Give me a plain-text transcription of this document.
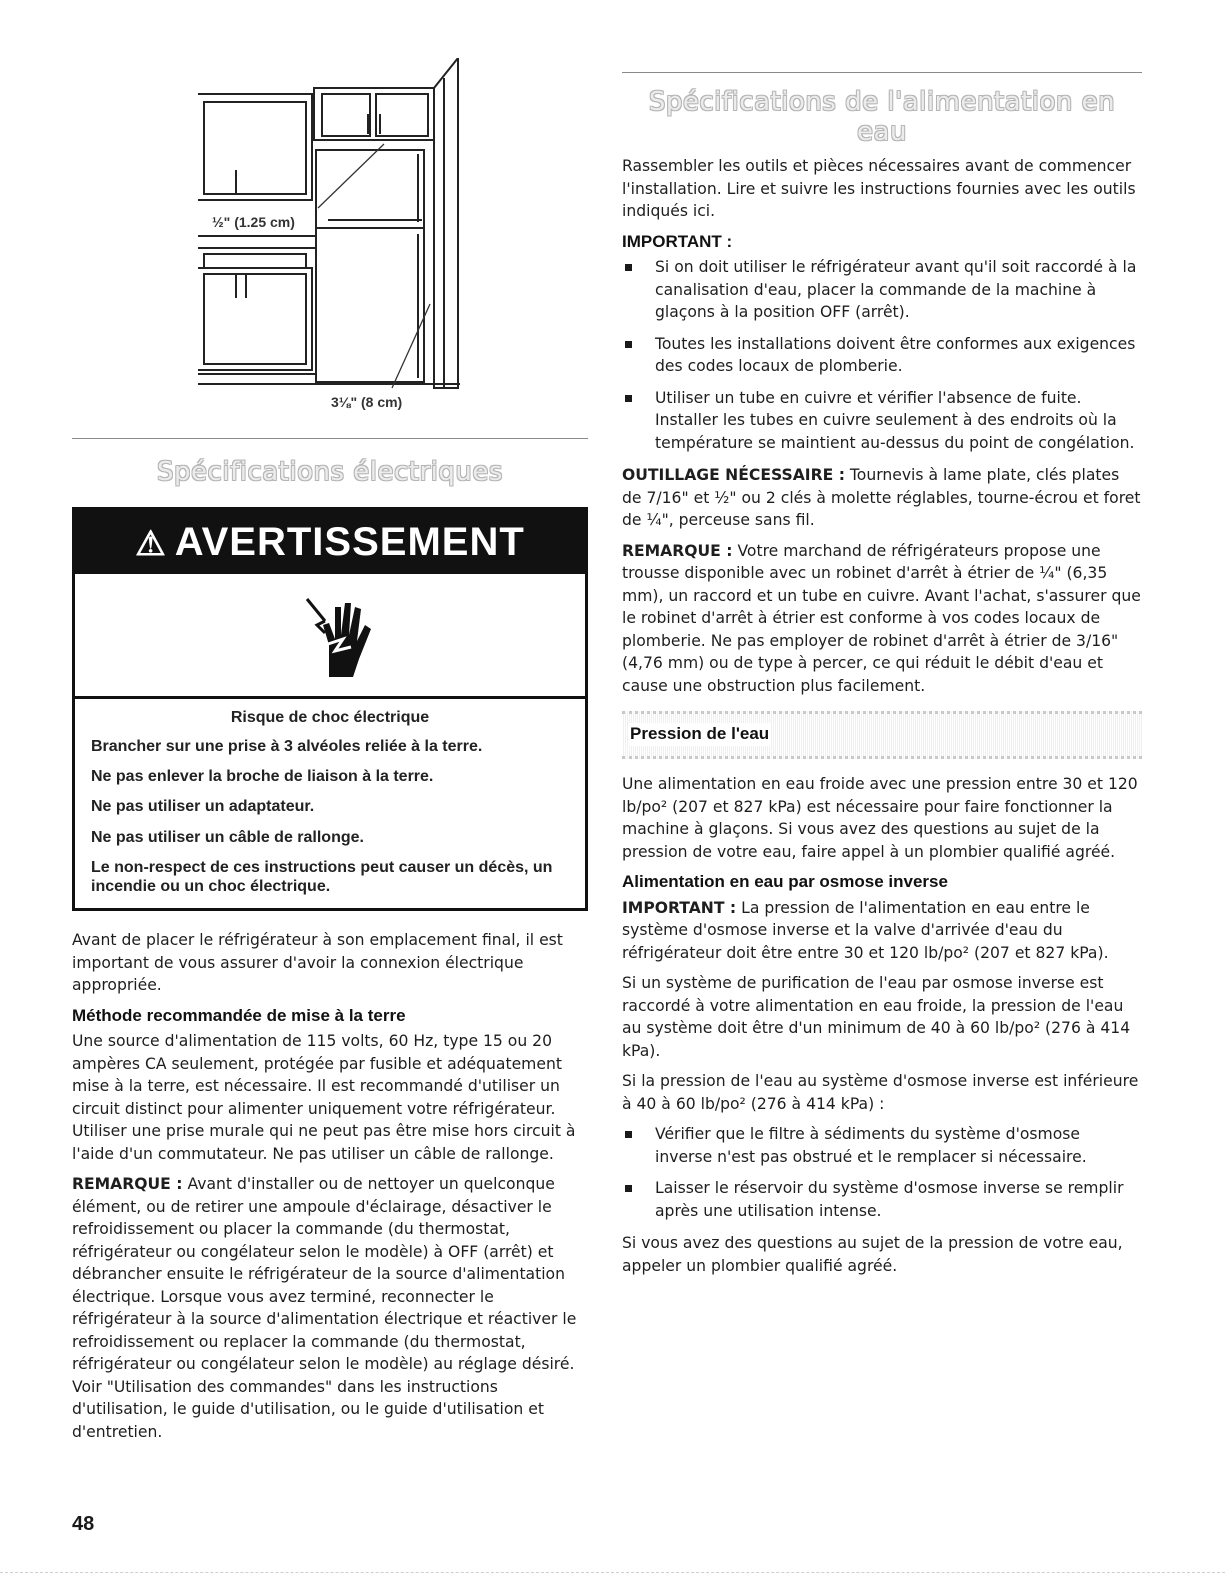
½" (1.25 cm)
3⅛" (8 cm)
Spécifications électriques
⚠ AVERTISSEMENT
Risque de choc électrique

Brancher sur une prise à 3 alvéoles reliée à la terre.

Ne pas enlever la broche de liaison à la terre.

Ne pas utiliser un adaptateur.

Ne pas utiliser un câble de rallonge.

Le non-respect de ces instructions peut causer un décès, un incendie ou un choc électrique.

Avant de placer le réfrigérateur à son emplacement final, il est important de vous assurer d'avoir la connexion électrique appropriée.

Méthode recommandée de mise à la terre

Une source d'alimentation de 115 volts, 60 Hz, type 15 ou 20 ampères CA seulement, protégée par fusible et adéquatement mise à la terre, est nécessaire. Il est recommandé d'utiliser un circuit distinct pour alimenter uniquement votre réfrigérateur. Utiliser une prise murale qui ne peut pas être mise hors circuit à l'aide d'un commutateur. Ne pas utiliser un câble de rallonge.

REMARQUE : Avant d'installer ou de nettoyer un quelconque élément, ou de retirer une ampoule d'éclairage, désactiver le refroidissement ou placer la commande (du thermostat, réfrigérateur ou congélateur selon le modèle) à OFF (arrêt) et débrancher ensuite le réfrigérateur de la source d'alimentation électrique. Lorsque vous avez terminé, reconnecter le réfrigérateur à la source d'alimentation électrique et réactiver le refroidissement ou replacer la commande (du thermostat, réfrigérateur ou congélateur selon le modèle) au réglage désiré. Voir "Utilisation des commandes" dans les instructions d'utilisation, le guide d'utilisation, ou le guide d'utilisation et d'entretien.

Spécifications de l'alimentation en eau

Rassembler les outils et pièces nécessaires avant de commencer l'installation. Lire et suivre les instructions fournies avec les outils indiqués ici.

IMPORTANT :
Si on doit utiliser le réfrigérateur avant qu'il soit raccordé à la canalisation d'eau, placer la commande de la machine à glaçons à la position OFF (arrêt).
Toutes les installations doivent être conformes aux exigences des codes locaux de plomberie.
Utiliser un tube en cuivre et vérifier l'absence de fuite. Installer les tubes en cuivre seulement à des endroits où la température se maintient au-dessus du point de congélation.

OUTILLAGE NÉCESSAIRE : Tournevis à lame plate, clés plates de 7/16" et ½" ou 2 clés à molette réglables, tourne-écrou et foret de ¼", perceuse sans fil.

REMARQUE : Votre marchand de réfrigérateurs propose une trousse disponible avec un robinet d'arrêt à étrier de ¼" (6,35 mm), un raccord et un tube en cuivre. Avant l'achat, s'assurer que le robinet d'arrêt à étrier est conforme à vos codes locaux de plomberie. Ne pas employer de robinet d'arrêt à étrier de 3/16" (4,76 mm) ou de type à percer, ce qui réduit le débit d'eau et cause une obstruction plus facilement.

Pression de l'eau

Une alimentation en eau froide avec une pression entre 30 et 120 lb/po² (207 et 827 kPa) est nécessaire pour faire fonctionner la machine à glaçons. Si vous avez des questions au sujet de la pression de votre eau, faire appel à un plombier qualifié agréé.

Alimentation en eau par osmose inverse

IMPORTANT : La pression de l'alimentation en eau entre le système d'osmose inverse et la valve d'arrivée d'eau du réfrigérateur doit être entre 30 et 120 lb/po² (207 et 827 kPa).

Si un système de purification de l'eau par osmose inverse est raccordé à votre alimentation en eau froide, la pression de l'eau au système doit être d'un minimum de 40 à 60 lb/po² (276 à 414 kPa).

Si la pression de l'eau au système d'osmose inverse est inférieure à 40 à 60 lb/po² (276 à 414 kPa) :

Vérifier que le filtre à sédiments du système d'osmose inverse n'est pas obstrué et le remplacer si nécessaire.
Laisser le réservoir du système d'osmose inverse se remplir après une utilisation intense.

Si vous avez des questions au sujet de la pression de votre eau, appeler un plombier qualifié agréé.

48
